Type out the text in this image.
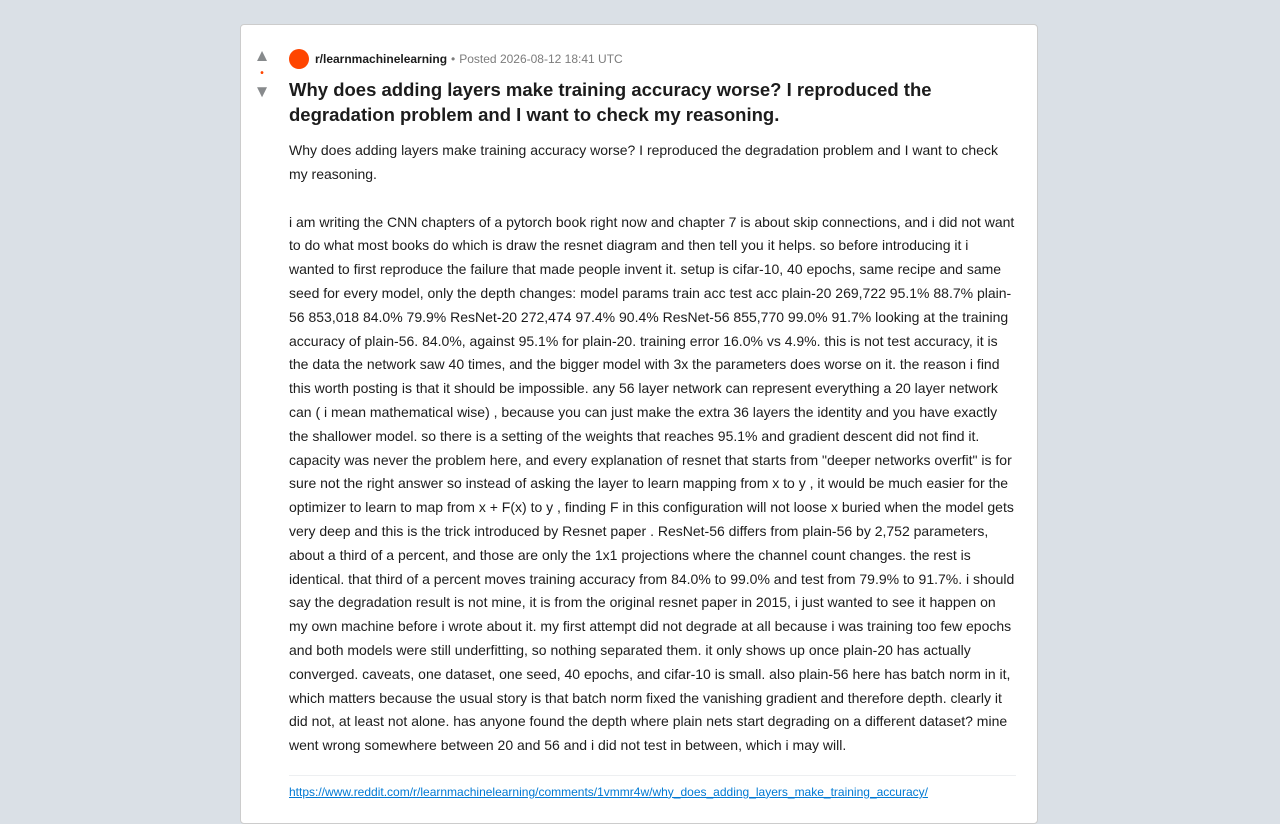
▲
•
▼
r/learnmachinelearning • Posted 2026-08-12 18:41 UTC
Why does adding layers make training accuracy worse? I reproduced the degradation problem and I want to check my reasoning.

Why does adding layers make training accuracy worse? I reproduced the degradation problem and I want to check my reasoning.

i am writing the CNN chapters of a pytorch book right now and chapter 7 is about skip connections, and i did not want to do what most books do which is draw the resnet diagram and then tell you it helps. so before introducing it i wanted to first reproduce the failure that made people invent it. setup is cifar-10, 40 epochs, same recipe and same seed for every model, only the depth changes: model params train acc test acc plain-20 269,722 95.1% 88.7% plain-56 853,018 84.0% 79.9% ResNet-20 272,474 97.4% 90.4% ResNet-56 855,770 99.0% 91.7% looking at the training accuracy of plain-56. 84.0%, against 95.1% for plain-20. training error 16.0% vs 4.9%. this is not test accuracy, it is the data the network saw 40 times, and the bigger model with 3x the parameters does worse on it. the reason i find this worth posting is that it should be impossible. any 56 layer network can represent everything a 20 layer network can ( i mean mathematical wise) , because you can just make the extra 36 layers the identity and you have exactly the shallower model. so there is a setting of the weights that reaches 95.1% and gradient descent did not find it. capacity was never the problem here, and every explanation of resnet that starts from "deeper networks overfit" is for sure not the right answer so instead of asking the layer to learn mapping from x to y , it would be much easier for the optimizer to learn to map from x + F(x) to y , finding F in this configuration will not loose x buried when the model gets very deep and this is the trick introduced by Resnet paper . ResNet-56 differs from plain-56 by 2,752 parameters, about a third of a percent, and those are only the 1x1 projections where the channel count changes. the rest is identical. that third of a percent moves training accuracy from 84.0% to 99.0% and test from 79.9% to 91.7%. i should say the degradation result is not mine, it is from the original resnet paper in 2015, i just wanted to see it happen on my own machine before i wrote about it. my first attempt did not degrade at all because i was training too few epochs and both models were still underfitting, so nothing separated them. it only shows up once plain-20 has actually converged. caveats, one dataset, one seed, 40 epochs, and cifar-10 is small. also plain-56 here has batch norm in it, which matters because the usual story is that batch norm fixed the vanishing gradient and therefore depth. clearly it did not, at least not alone. has anyone found the depth where plain nets start degrading on a different dataset? mine went wrong somewhere between 20 and 56 and i did not test in between, which i may will.

https://www.reddit.com/r/learnmachinelearning/comments/1vmmr4w/why_does_adding_layers_make_training_accuracy/
